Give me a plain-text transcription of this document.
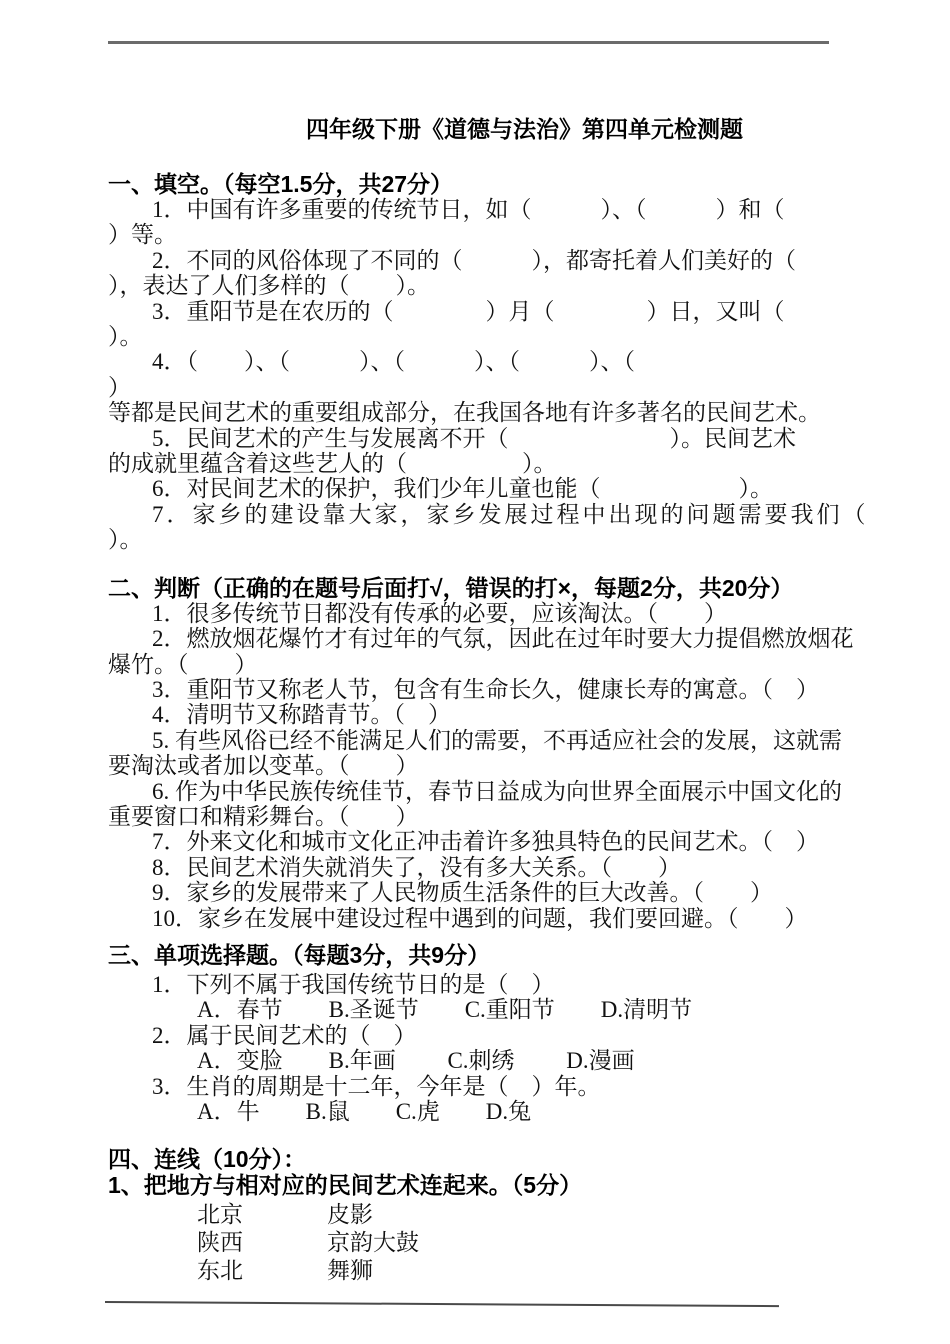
四年级下册《道德与法治》第四单元检测题
一、填空。（每空1.5分，共27分）
1．中国有许多重要的传统节日，如（　　　）、（　　　）和（
）等。
2．不同的风俗体现了不同的（　　　），都寄托着人们美好的（
），表达了人们多样的（　　）。
3．重阳节是在农历的（　　　　）月（　　　　）日，又叫（
）。
4．（　　）、（　　　）、（　　　）、（　　　）、（
）
等都是民间艺术的重要组成部分，在我国各地有许多著名的民间艺术。
5．民间艺术的产生与发展离不开（　　　　　　　）。民间艺术
的成就里蕴含着这些艺人的（　　　　　）。
6．对民间艺术的保护，我们少年儿童也能（　　　　　　）。
7．家乡的建设靠大家，家乡发展过程中出现的问题需要我们（
）。
二、判断（正确的在题号后面打√，错误的打×，每题2分，共20分）
1．很多传统节日都没有传承的必要，应该淘汰。（　　）
2．燃放烟花爆竹才有过年的气氛，因此在过年时要大力提倡燃放烟花
爆竹。（　　）
3．重阳节又称老人节，包含有生命长久，健康长寿的寓意。（　）
4．清明节又称踏青节。（　）
5. 有些风俗已经不能满足人们的需要，不再适应社会的发展，这就需
要淘汰或者加以变革。（　　）
6. 作为中华民族传统佳节，春节日益成为向世界全面展示中国文化的
重要窗口和精彩舞台。（　　）
7．外来文化和城市文化正冲击着许多独具特色的民间艺术。（　）
8．民间艺术消失就消失了，没有多大关系。（　　）
9．家乡的发展带来了人民物质生活条件的巨大改善。（　　）
10．家乡在发展中建设过程中遇到的问题，我们要回避。（　　）
三、单项选择题。（每题3分，共9分）
1．下列不属于我国传统节日的是（　）
A．春节　　B.圣诞节　　C.重阳节　　D.清明节
2．属于民间艺术的（　）
A．变脸　　B.年画　　 C.刺绣　　 D.漫画
3．生肖的周期是十二年，今年是（　）年。
A．牛　　B.鼠　　C.虎　　D.兔
四、连线（10分）：
1、把地方与相对应的民间艺术连起来。（5分）
北京	皮影
陕西	京韵大鼓
东北	舞狮
